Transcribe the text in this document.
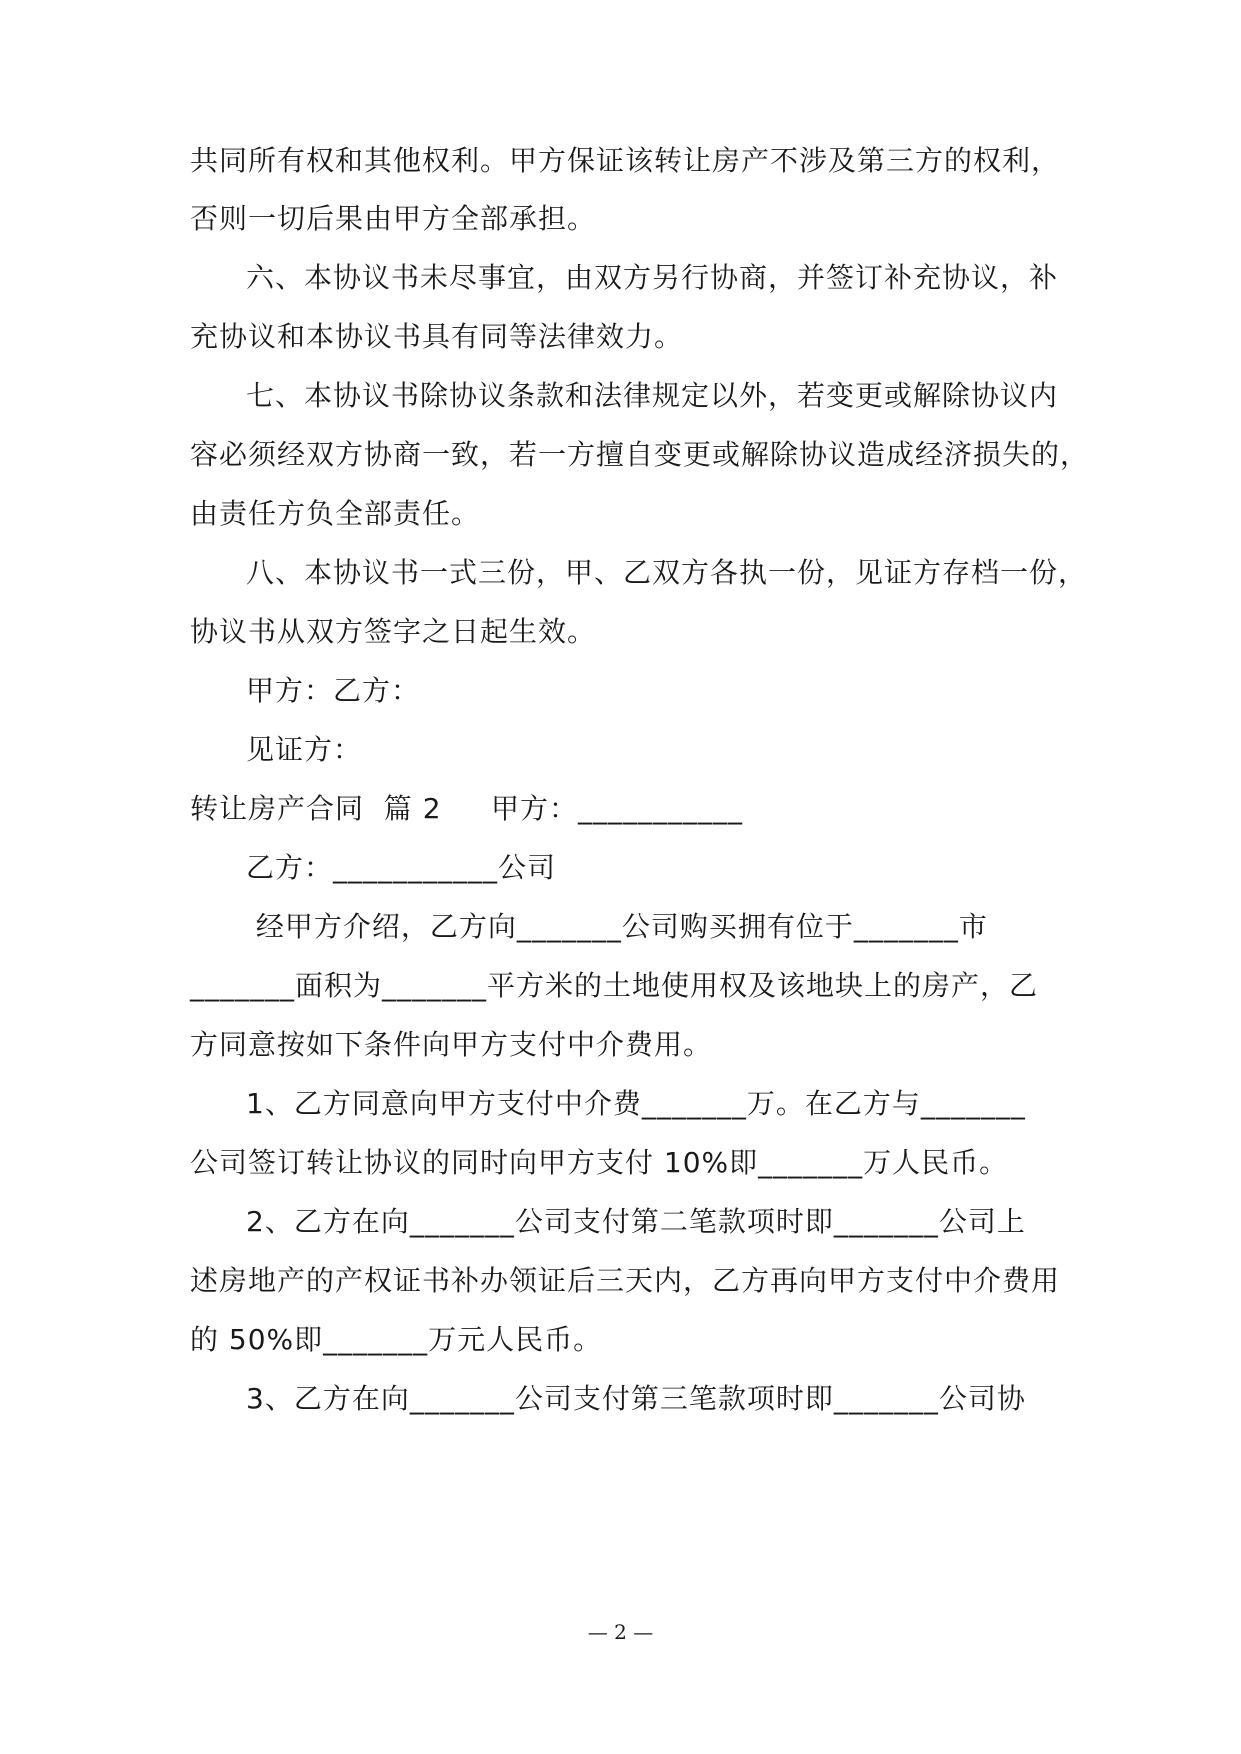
共同所有权和其他权利。甲方保证该转让房产不涉及第三方的权利，
否则一切后果由甲方全部承担。
六、本协议书未尽事宜，由双方另行协商，并签订补充协议，补
充协议和本协议书具有同等法律效力。
七、本协议书除协议条款和法律规定以外，若变更或解除协议内
容必须经双方协商一致，若一方擅自变更或解除协议造成经济损失的，
由责任方负全部责任。
八、本协议书一式三份，甲、乙双方各执一份，见证方存档一份，
协议书从双方签字之日起生效。
甲方：乙方：
见证方：
转让房产合同  篇 2     甲方：___________
乙方：___________公司
经甲方介绍，乙方向_______公司购买拥有位于_______市
_______面积为_______平方米的土地使用权及该地块上的房产，乙
方同意按如下条件向甲方支付中介费用。
1、乙方同意向甲方支付中介费_______万。在乙方与_______
公司签订转让协议的同时向甲方支付 10%即_______万人民币。
2、乙方在向_______公司支付第二笔款项时即_______公司上
述房地产的产权证书补办领证后三天内，乙方再向甲方支付中介费用
的 50%即_______万元人民币。
3、乙方在向_______公司支付第三笔款项时即_______公司协
— 2 —
